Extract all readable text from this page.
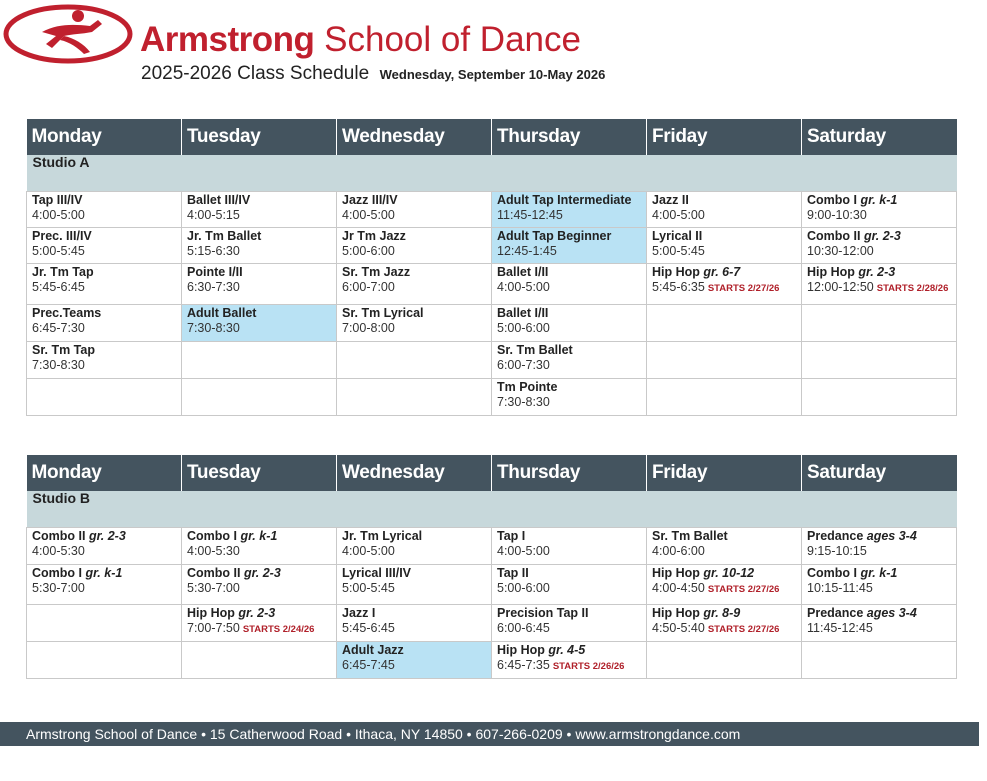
Armstrong School of Dance
2025-2026 Class Schedule Wednesday, September 10-May 2026
Monday	Tuesday	Wednesday	Thursday	Friday	Saturday
Studio A					

Tap III/IV
4:00-5:00	Ballet III/IV
4:00-5:15	Jazz III/IV
4:00-5:00	Adult Tap Intermediate
11:45-12:45	Jazz II
4:00-5:00	Combo I gr. k-1
9:00-10:30

Prec. III/IV
5:00-5:45	Jr. Tm Ballet
5:15-6:30	Jr Tm Jazz
5:00-6:00	Adult Tap Beginner
12:45-1:45	Lyrical II
5:00-5:45	Combo II gr. 2-3
10:30-12:00

Jr. Tm Tap
5:45-6:45	Pointe I/II
6:30-7:30	Sr. Tm Jazz
6:00-7:00	Ballet I/II
4:00-5:00	Hip Hop gr. 6-7
5:45-6:35 STARTS 2/27/26	Hip Hop gr. 2-3
12:00-12:50 STARTS 2/28/26

Prec.Teams
6:45-7:30	Adult Ballet
7:30-8:30	Sr. Tm Lyrical
7:00-8:00	Ballet I/II
5:00-6:00		

Sr. Tm Tap
7:30-8:30			Sr. Tm Ballet
6:00-7:30		

			Tm Pointe
7:30-8:30		

Monday	Tuesday	Wednesday	Thursday	Friday	Saturday
Studio B					

Combo II gr. 2-3
4:00-5:30	Combo I gr. k-1
4:00-5:30	Jr. Tm Lyrical
4:00-5:00	Tap I
4:00-5:00	Sr. Tm Ballet
4:00-6:00	Predance ages 3-4
9:15-10:15

Combo I gr. k-1
5:30-7:00	Combo II gr. 2-3
5:30-7:00	Lyrical III/IV
5:00-5:45	Tap II
5:00-6:00	Hip Hop gr. 10-12
4:00-4:50 STARTS 2/27/26	Combo I gr. k-1
10:15-11:45

	Hip Hop gr. 2-3
7:00-7:50 STARTS 2/24/26	Jazz I
5:45-6:45	Precision Tap II
6:00-6:45	Hip Hop gr. 8-9
4:50-5:40 STARTS 2/27/26	Predance ages 3-4
11:45-12:45

		Adult Jazz
6:45-7:45	Hip Hop gr. 4-5
6:45-7:35 STARTS 2/26/26		

Armstrong School of Dance • 15 Catherwood Road • Ithaca, NY 14850 • 607-266-0209 • www.armstrongdance.com
